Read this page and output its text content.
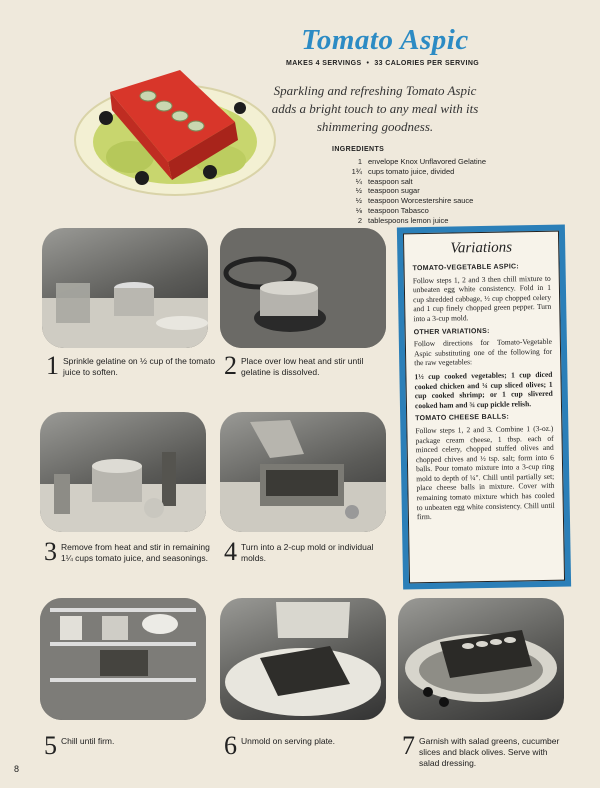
Tomato Aspic
MAKES 4 SERVINGS • 33 CALORIES PER SERVING
Sparkling and refreshing Tomato Aspic adds a bright touch to any meal with its shimmering goodness.
INGREDIENTS
1 envelope Knox Unflavored Gelatine
1¾ cups tomato juice, divided
¼ teaspoon salt
½ teaspoon sugar
½ teaspoon Worcestershire sauce
⅛ teaspoon Tabasco
2 tablespoons lemon juice
1 Sprinkle gelatine on ½ cup of the tomato juice to soften.	2 Place over low heat and stir until gelatine is dissolved.
3 Remove from heat and stir in remaining 1¼ cups tomato juice, and seasonings. 4 Turn into a 2-cup mold or individual molds.
5 Chill until firm.	6 Unmold on serving plate.	7 Garnish with salad greens, cucumber slices and black olives. Serve with salad dressing.
Variations
TOMATO-VEGETABLE ASPIC:

Follow steps 1, 2 and 3 then chill mixture to unbeaten egg white consistency. Fold in 1 cup shredded cabbage, ½ cup chopped celery and 1 cup finely chopped green pepper. Turn into a 3-cup mold.

OTHER VARIATIONS:

Follow directions for Tomato-Vegetable Aspic substituting one of the following for the raw vegetables:

1½ cup cooked vegetables; 1 cup diced cooked chicken and ¼ cup sliced olives; 1 cup cooked shrimp; or 1 cup slivered cooked ham and ¾ cup pickle relish.

TOMATO CHEESE BALLS:

Follow steps 1, 2 and 3. Combine 1 (3-oz.) package cream cheese, 1 tbsp. each of minced celery, chopped stuffed olives and chopped chives and ½ tsp. salt; form into 6 balls. Pour tomato mixture into a 3-cup ring mold to depth of ¼". Chill until partially set; place cheese balls in mixture. Cover with remaining tomato mixture which has cooled to unbeaten egg white consistency. Chill until firm.

8
